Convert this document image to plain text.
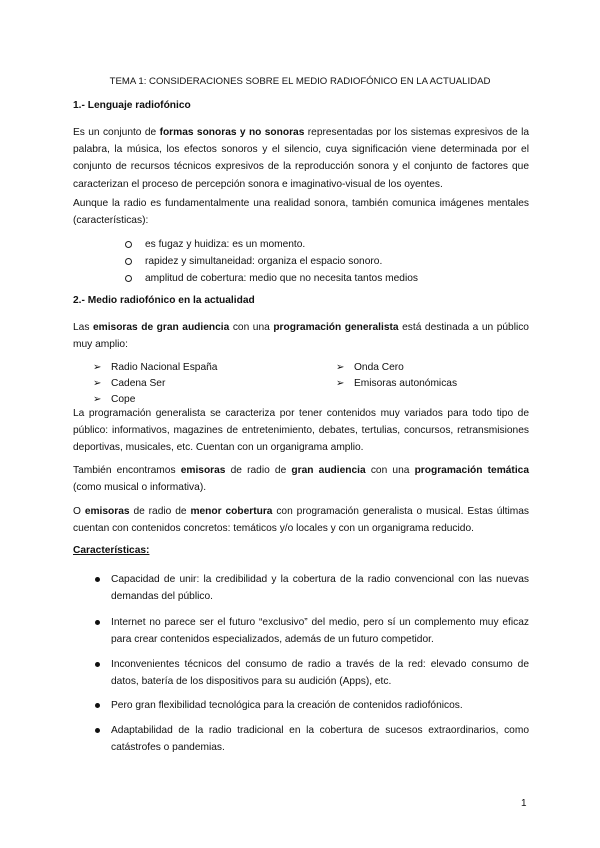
TEMA 1: CONSIDERACIONES SOBRE EL MEDIO RADIOFÓNICO EN LA ACTUALIDAD
1.- Lenguaje radiofónico

Es un conjunto de formas sonoras y no sonoras representadas por los sistemas expresivos de la palabra, la música, los efectos sonoros y el silencio, cuya significación viene determinada por el conjunto de recursos técnicos expresivos de la reproducción sonora y el conjunto de factores que caracterizan el proceso de percepción sonora e imaginativo-visual de los oyentes.

Aunque la radio es fundamentalmente una realidad sonora, también comunica imágenes mentales (características):

es fugaz y huidiza: es un momento.
rapidez y simultaneidad: organiza el espacio sonoro.
amplitud de cobertura: medio que no necesita tantos medios
2.- Medio radiofónico en la actualidad

Las emisoras de gran audiencia con una programación generalista está destinada a un público muy amplio:

➢ Radio Nacional España
➢ Cadena Ser
➢ Cope
➢ Onda Cero
➢ Emisoras autonómicas

La programación generalista se caracteriza por tener contenidos muy variados para todo tipo de público: informativos, magazines de entretenimiento, debates, tertulias, concursos, retransmisiones deportivas, musicales, etc. Cuentan con un organigrama amplio.

También encontramos emisoras de radio de gran audiencia con una programación temática (como musical o informativa).

O emisoras de radio de menor cobertura con programación generalista o musical. Estas últimas cuentan con contenidos concretos: temáticos y/o locales y con un organigrama reducido.

Características:
Capacidad de unir: la credibilidad y la cobertura de la radio convencional con las nuevas demandas del público.
Internet no parece ser el futuro “exclusivo” del medio, pero sí un complemento muy eficaz para crear contenidos especializados, además de un futuro competidor.
Inconvenientes técnicos del consumo de radio a través de la red: elevado consumo de datos, batería de los dispositivos para su audición (Apps), etc.
Pero gran flexibilidad tecnológica para la creación de contenidos radiofónicos.
Adaptabilidad de la radio tradicional en la cobertura de sucesos extraordinarios, como catástrofes o pandemias.
1
